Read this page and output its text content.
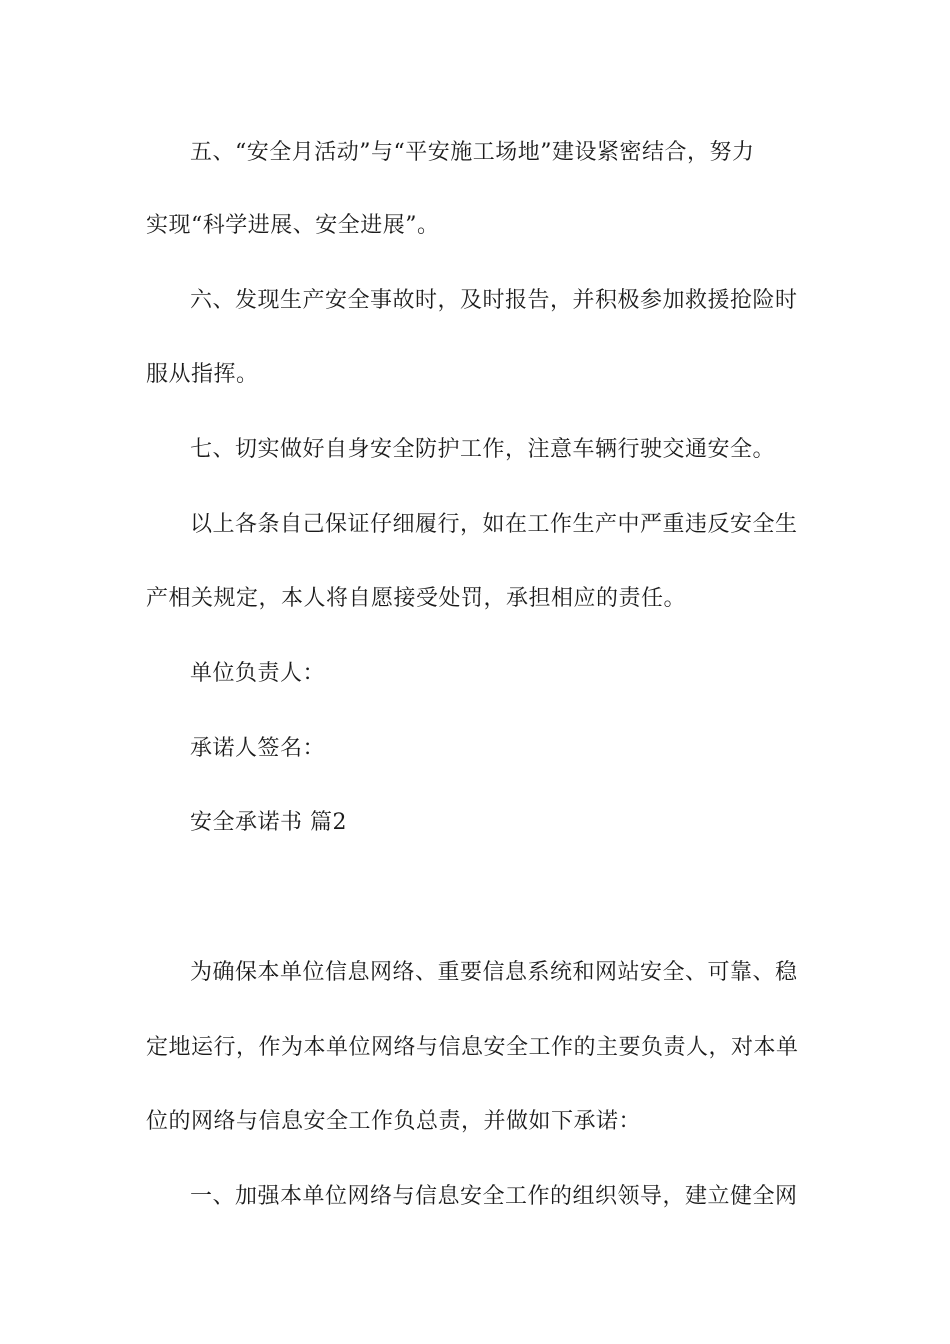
五、“安全月活动”与“平安施工场地”建设紧密结合，努力
实现“科学进展、安全进展”。
六、发现生产安全事故时，及时报告，并积极参加救援抢险时
服从指挥。
七、切实做好自身安全防护工作，注意车辆行驶交通安全。
以上各条自己保证仔细履行，如在工作生产中严重违反安全生
产相关规定，本人将自愿接受处罚，承担相应的责任。
单位负责人：
承诺人签名：
安全承诺书 篇2
为确保本单位信息网络、重要信息系统和网站安全、可靠、稳
定地运行，作为本单位网络与信息安全工作的主要负责人，对本单
位的网络与信息安全工作负总责，并做如下承诺：
一、加强本单位网络与信息安全工作的组织领导，建立健全网
